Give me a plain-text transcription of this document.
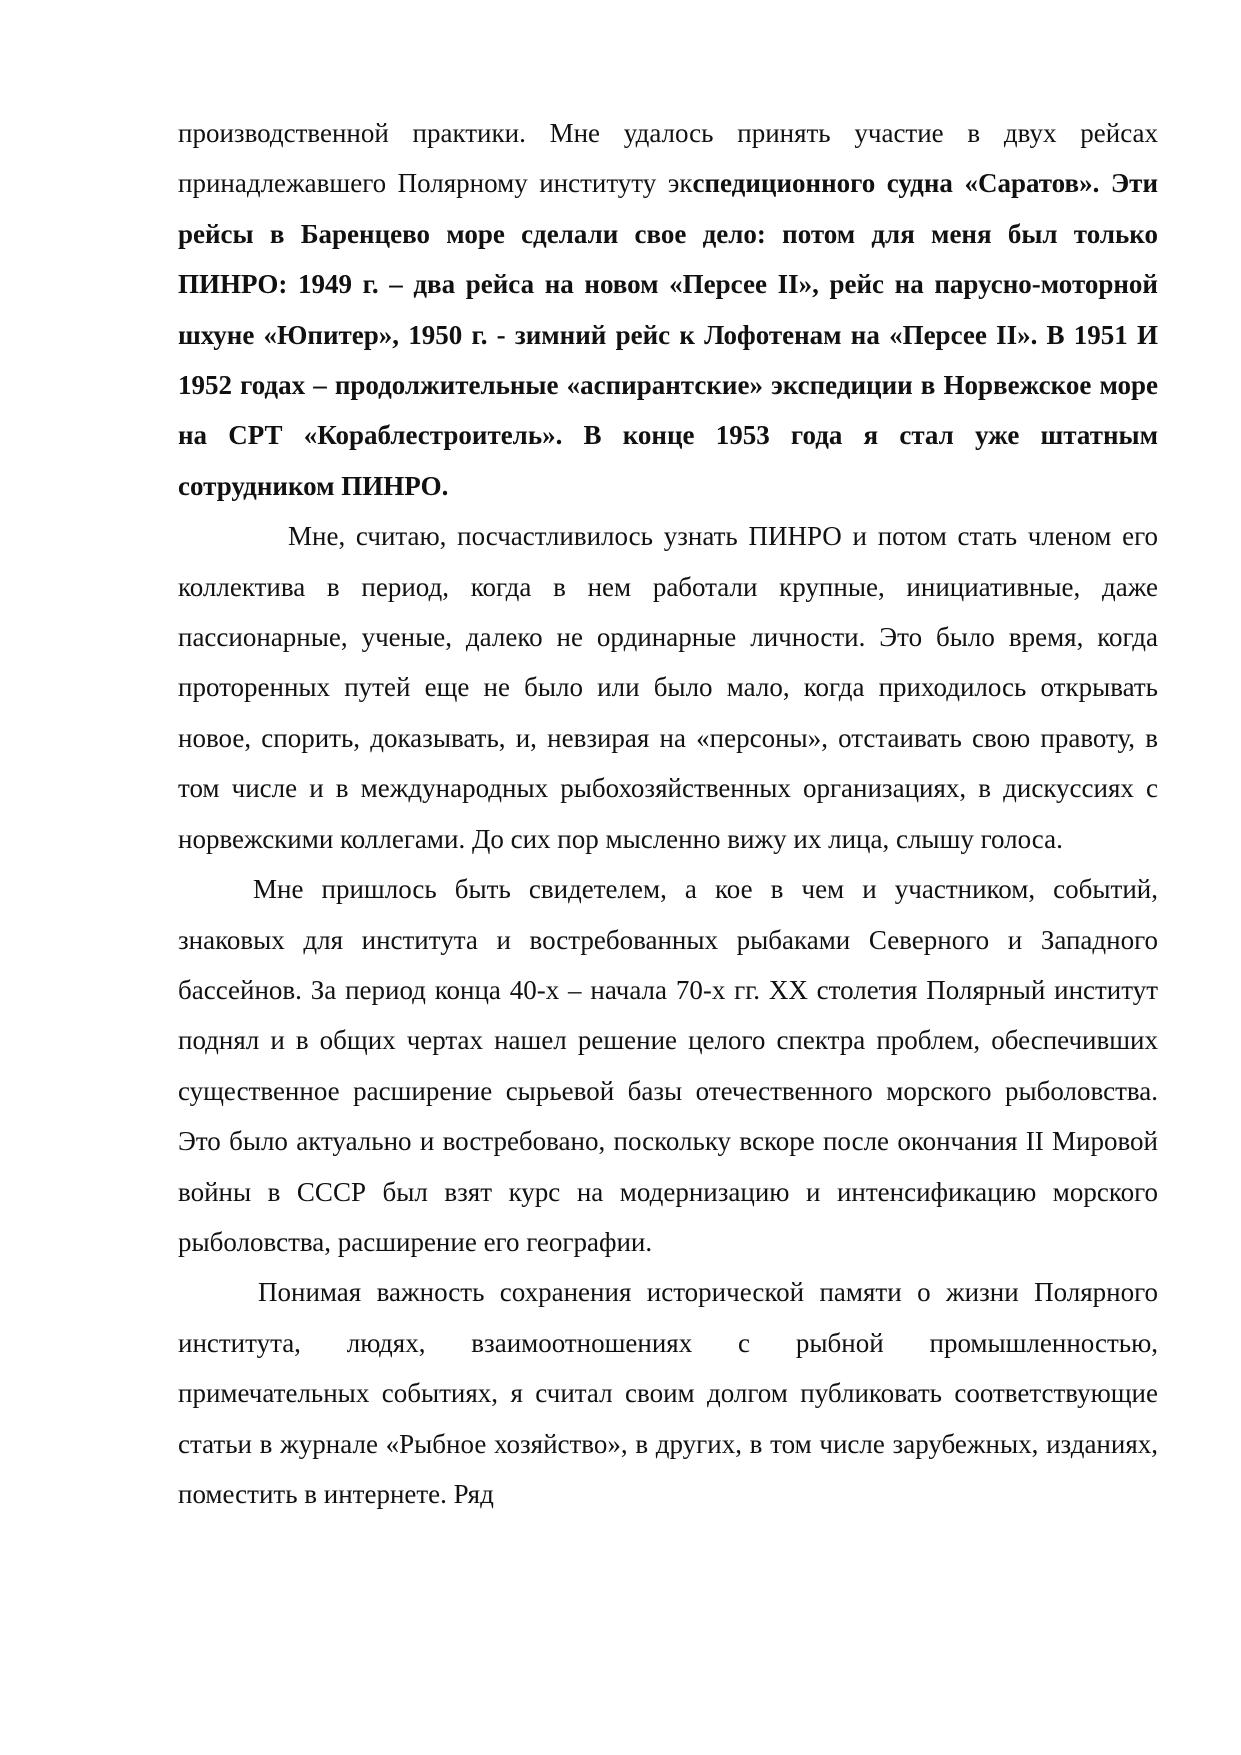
производственной практики. Мне удалось принять участие в двух рейсах принадлежавшего Полярному институту экспедиционного судна «Саратов». Эти рейсы в Баренцево море сделали свое дело: потом для меня был только ПИНРО: 1949 г. – два рейса на новом «Персее II», рейс на парусно-моторной шхуне «Юпитер», 1950 г. - зимний рейс к Лофотенам на «Персее II». В 1951 И 1952 годах – продолжительные «аспирантские» экспедиции в Норвежское море на СРТ «Кораблестроитель». В конце 1953 года я стал уже штатным сотрудником ПИНРО.

Мне, считаю, посчастливилось узнать ПИНРО и потом стать членом его коллектива в период, когда в нем работали крупные, инициативные, даже пассионарные, ученые, далеко не ординарные личности. Это было время, когда проторенных путей еще не было или было мало, когда приходилось открывать новое, спорить, доказывать, и, невзирая на «персоны», отстаивать свою правоту, в том числе и в международных рыбохозяйственных организациях, в дискуссиях с норвежскими коллегами. До сих пор мысленно вижу их лица, слышу голоса.

Мне пришлось быть свидетелем, а кое в чем и участником, событий, знаковых для института и востребованных рыбаками Северного и Западного бассейнов. За период конца 40-х – начала 70-х гг. XX столетия Полярный институт поднял и в общих чертах нашел решение целого спектра проблем, обеспечивших существенное расширение сырьевой базы отечественного морского рыболовства. Это было актуально и востребовано, поскольку вскоре после окончания II Мировой войны в СССР был взят курс на модернизацию и интенсификацию морского рыболовства, расширение его географии.

Понимая важность сохранения исторической памяти о жизни Полярного института, людях, взаимоотношениях с рыбной промышленностью, примечательных событиях, я считал своим долгом публиковать соответствующие статьи в журнале «Рыбное хозяйство», в других, в том числе зарубежных, изданиях, поместить в интернете. Ряд
